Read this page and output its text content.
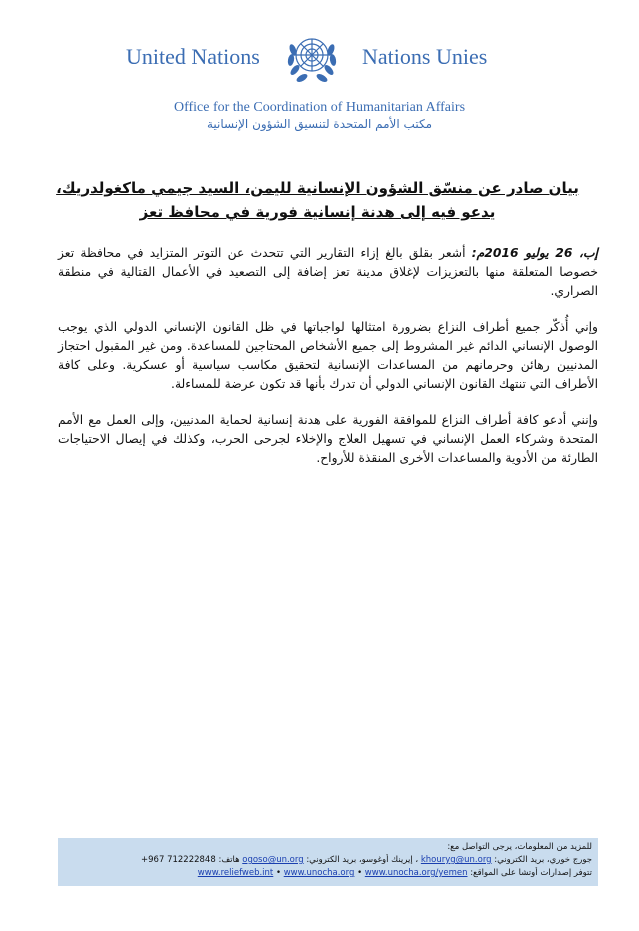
United Nations	Nations Unies
Office for the Coordination of Humanitarian Affairs
مكتب الأمم المتحدة لتنسيق الشؤون الإنسانية
بيان صادر عن منسّق الشؤون الإنسانية لليمن، السيد جيمي ماكغولدريك،
يدعو فيه إلى هدنة إنسانية فورية في محافظ تعز

إب، 26 يوليو 2016م: أشعر بقلق بالغ إزاء التقارير التي تتحدث عن التوتر المتزايد في محافظة تعز خصوصا المتعلقة منها بالتعزيزات لإغلاق مدينة تعز إضافة إلى التصعيد في الأعمال القتالية في منطقة الصراري.

وإني أُذكّر جميع أطراف النزاع بضرورة امتثالها لواجباتها في ظل القانون الإنساني الدولي الذي يوجب الوصول الإنساني الدائم غير المشروط إلى جميع الأشخاص المحتاجين للمساعدة. ومن غير المقبول احتجاز المدنيين رهائن وحرمانهم من المساعدات الإنسانية لتحقيق مكاسب سياسية أو عسكرية. وعلى كافة الأطراف التي تنتهك القانون الإنساني الدولي أن تدرك بأنها قد تكون عرضة للمساءلة.

وإنني أدعو كافة أطراف النزاع للموافقة الفورية على هدنة إنسانية لحماية المدنيين، وإلى العمل مع الأمم المتحدة وشركاء العمل الإنساني في تسهيل العلاج والإخلاء لجرحى الحرب، وكذلك في إيصال الاحتياجات الطارئة من الأدوية والمساعدات الأخرى المنقذة للأرواح.

للمزيد من المعلومات، يرجى التواصل مع:
جورج خوري، بريد الكتروني: khouryg@un.org ، إيرينك أوغوسو، بريد الكتروني: ogoso@un.org هاتف: +967 712222848
تتوفر إصدارات أوتشا على المواقع: www.unocha.org/yemen • www.unocha.org • www.reliefweb.int
